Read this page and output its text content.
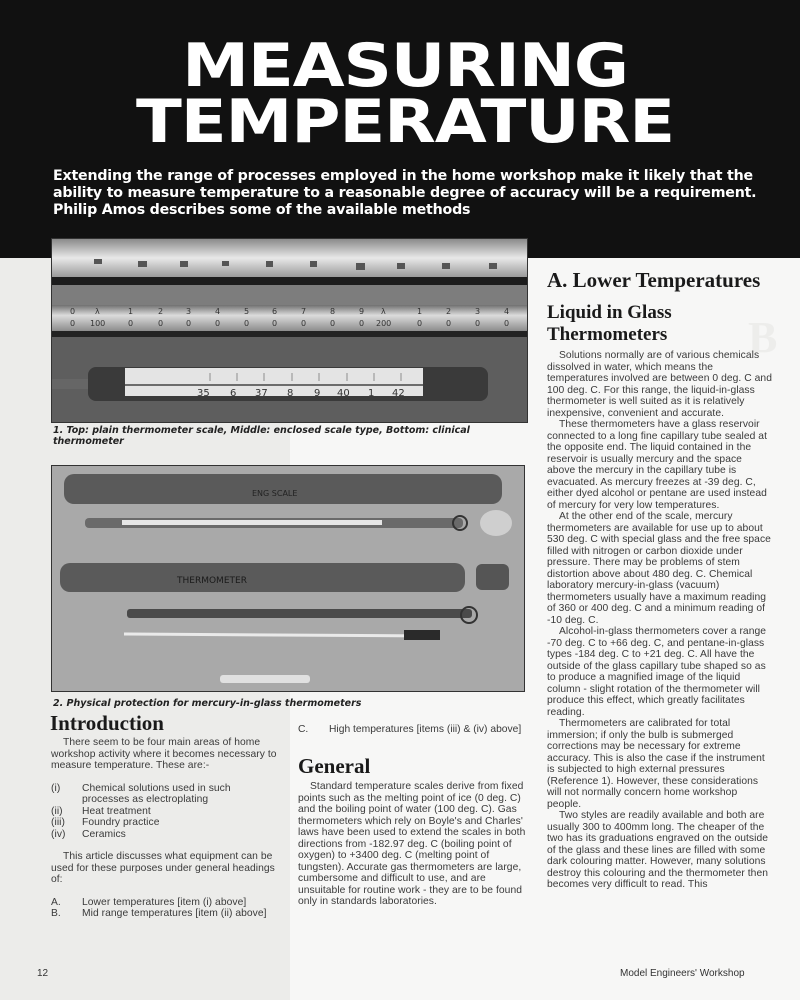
B
MEASURING
TEMPERATURE
Extending the range of processes employed in the home workshop make it likely that the ability to measure temperature to a reasonable degree of accuracy will be a requirement. Philip Amos describes some of the available methods
0 λ	1	2	3	4	5	6	7	8	9 λ	1	2	3	4
0 100	0	0	0	0	0	0	0	0	0 200	0	0	0	0
35 6 37 8 9 40 1 42
1. Top: plain thermometer scale, Middle: enclosed scale type, Bottom: clinical thermometer
ENG SCALE
THERMOMETER
2. Physical protection for mercury-in-glass thermometers
A. Lower Temperatures
Liquid in Glass Thermometers

Solutions normally are of various chemicals dissolved in water, which means the temperatures involved are between 0 deg. C and 100 deg. C. For this range, the liquid-in-glass thermometer is well suited as it is relatively inexpensive, convenient and accurate.

These thermometers have a glass reservoir connected to a long fine capillary tube sealed at the opposite end. The liquid contained in the reservoir is usually mercury and the space above the mercury in the capillary tube is evacuated. As mercury freezes at -39 deg. C, either dyed alcohol or pentane are used instead of mercury for very low temperatures.

At the other end of the scale, mercury thermometers are available for use up to about 530 deg. C with special glass and the free space filled with nitrogen or carbon dioxide under pressure. There may be problems of stem distortion above about 480 deg. C. Chemical laboratory mercury-in-glass (vacuum) thermometers usually have a maximum reading of 360 or 400 deg. C and a minimum reading of -10 deg. C.

Alcohol-in-glass thermometers cover a range -70 deg. C to +66 deg. C, and pentane-in-glass types -184 deg. C to +21 deg. C. All have the outside of the glass capillary tube shaped so as to produce a magnified image of the liquid column - slight rotation of the thermometer will produce this effect, which greatly facilitates reading.

Thermometers are calibrated for total immersion; if only the bulb is submerged corrections may be necessary for extreme accuracy. This is also the case if the instrument is subjected to high external pressures (Reference 1). However, these considerations will not normally concern home workshop people.

Two styles are readily available and both are usually 300 to 400mm long. The cheaper of the two has its graduations engraved on the outside of the glass and these lines are filled with some dark colouring matter. However, many solutions destroy this colouring and the thermometer then becomes very difficult to read. This

Introduction

There seem to be four main areas of home workshop activity where it becomes necessary to measure temperature. These are:-

(i)	Chemical solutions used in such processes as electroplating
(ii)	Heat treatment
(iii)	Foundry practice
(iv)	Ceramics

This article discusses what equipment can be used for these purposes under general headings of:

A.	Lower temperatures [item (i) above]
B.	Mid range temperatures [item (ii) above]
C.	High temperatures [items (iii) & (iv) above]
General

Standard temperature scales derive from fixed points such as the melting point of ice (0 deg. C) and the boiling point of water (100 deg. C). Gas thermometers which rely on Boyle's and Charles' laws have been used to extend the scales in both directions from -182.97 deg. C (boiling point of oxygen) to +3400 deg. C (melting point of tungsten). Accurate gas thermometers are large, cumbersome and difficult to use, and are unsuitable for routine work - they are to be found only in standards laboratories.

12	Model Engineers' Workshop
